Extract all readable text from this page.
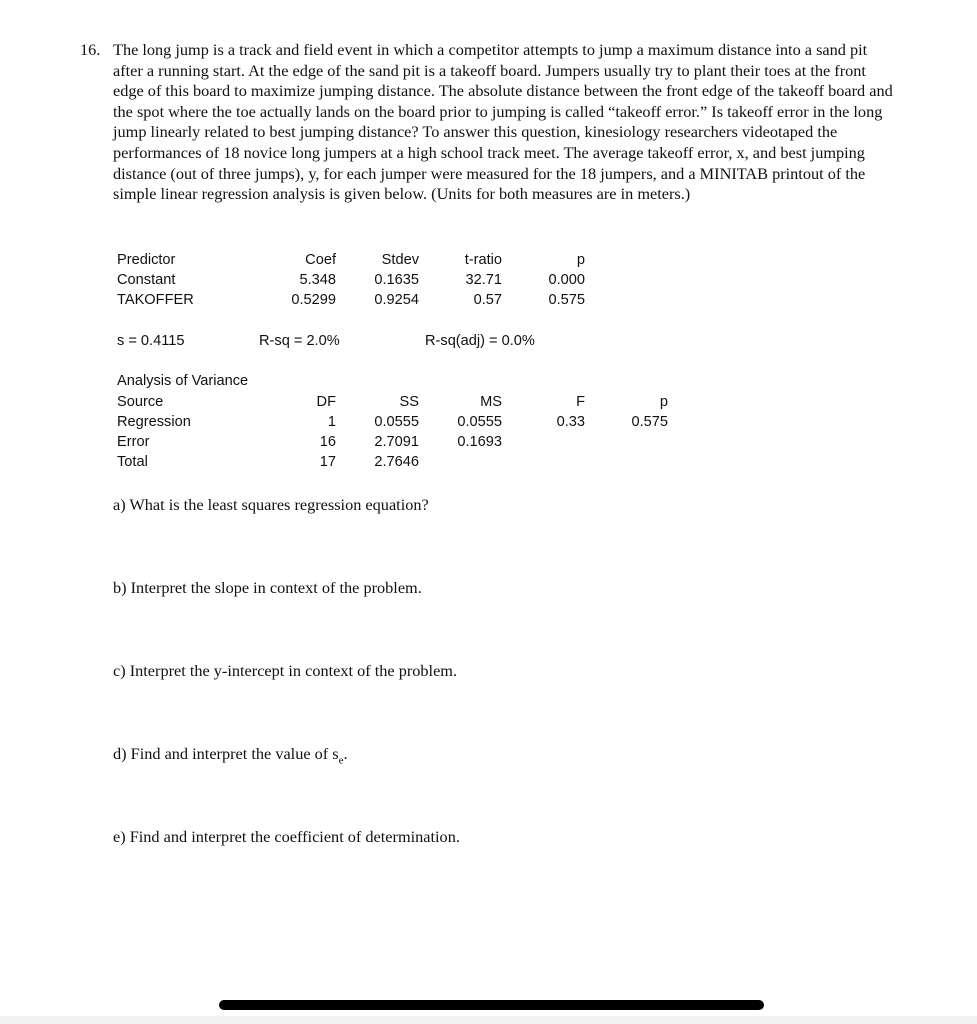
16. The long jump is a track and field event in which a competitor attempts to jump a maximum distance into a sand pit after a running start. At the edge of the sand pit is a takeoff board. Jumpers usually try to plant their toes at the front edge of this board to maximize jumping distance. The absolute distance between the front edge of the takeoff board and the spot where the toe actually lands on the board prior to jumping is called “takeoff error.” Is takeoff error in the long jump linearly related to best jumping distance? To answer this question, kinesiology researchers videotaped the performances of 18 novice long jumpers at a high school track meet. The average takeoff error, x, and best jumping distance (out of three jumps), y, for each jumper were measured for the 18 jumpers, and a MINITAB printout of the simple linear regression analysis is given below. (Units for both measures are in meters.)
Predictor	Coef	Stdev	t-ratio	p
Constant	5.348	0.1635	32.71	0.000
TAKOFFER	0.5299	0.9254	0.57	0.575
s = 0.4115	R-sq = 2.0%	R-sq(adj) = 0.0%
Analysis of Variance
Source	DF	SS	MS	F	p
Regression	1	0.0555	0.0555	0.33	0.575
Error	16	2.7091	0.1693
Total	17	2.7646
a) What is the least squares regression equation?
b) Interpret the slope in context of the problem.
c) Interpret the y-intercept in context of the problem.
d) Find and interpret the value of $s_e$.
e) Find and interpret the coefficient of determination.
